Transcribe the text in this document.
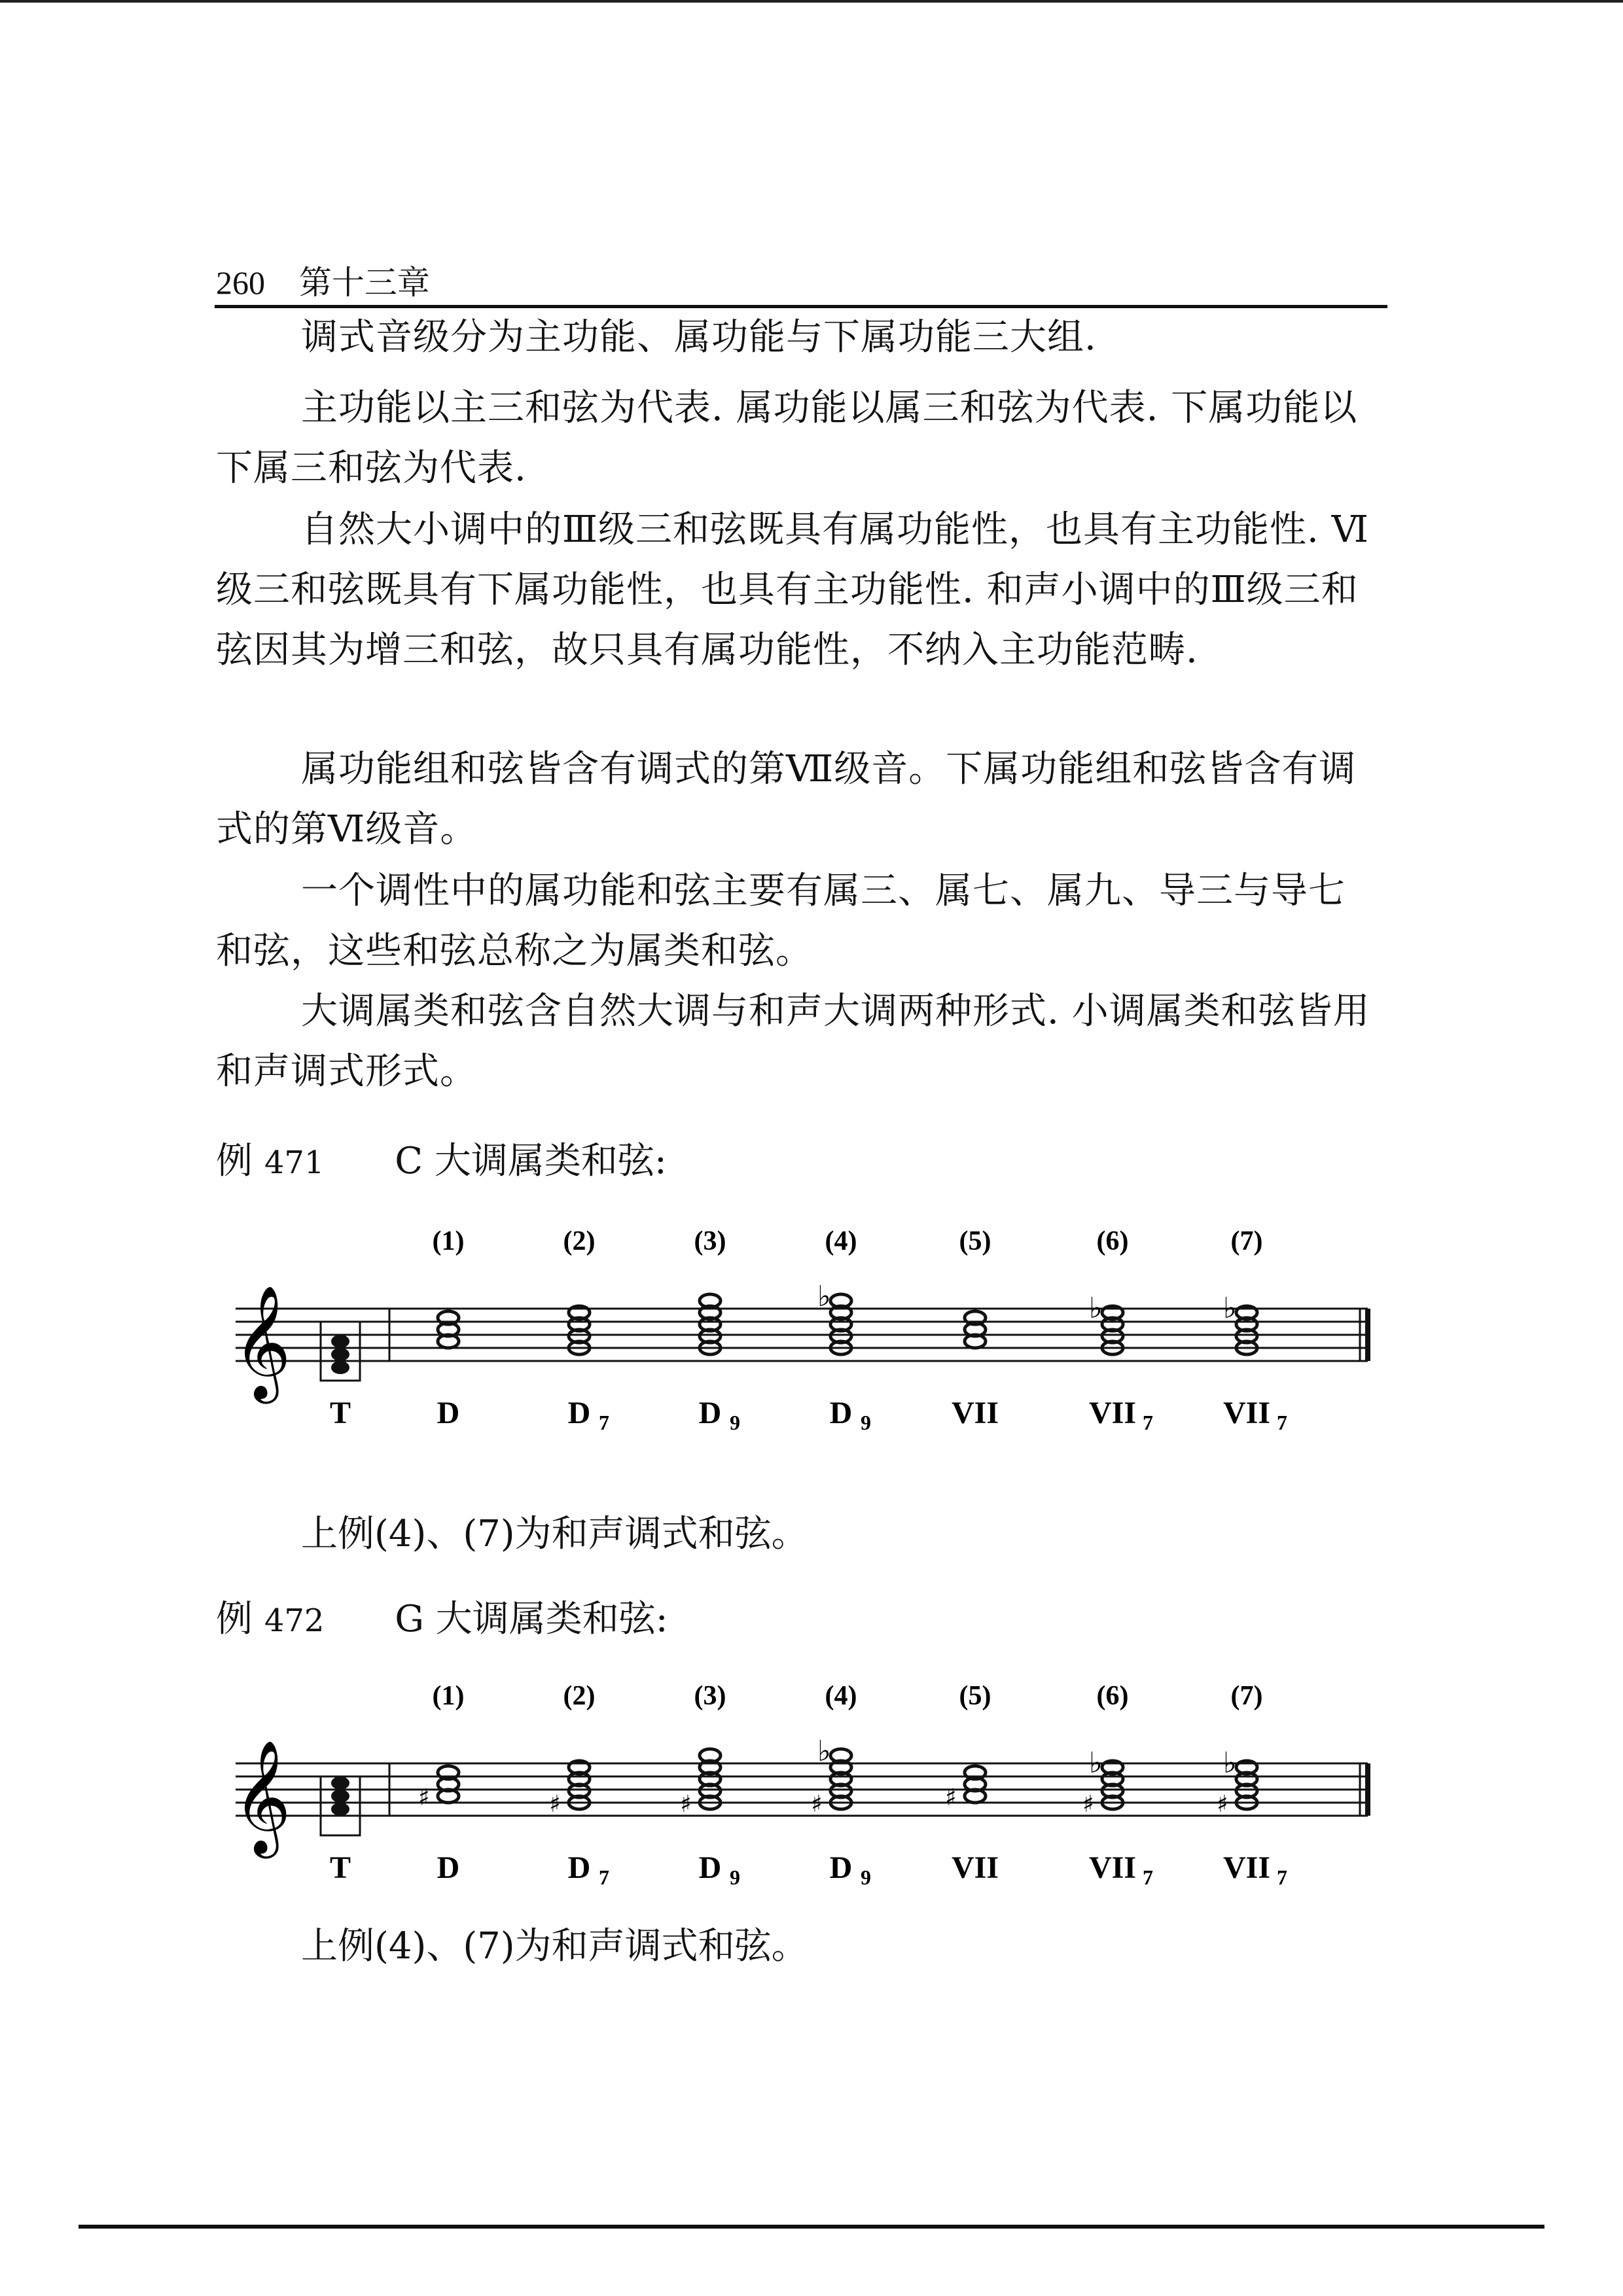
260 第十三章

调式音级分为主功能、属功能与下属功能三大组.

主功能以主三和弦为代表. 属功能以属三和弦为代表. 下属功能以下属三和弦为代表.

自然大小调中的Ⅲ级三和弦既具有属功能性，也具有主功能性. Ⅵ级三和弦既具有下属功能性，也具有主功能性. 和声小调中的Ⅲ级三和弦因其为增三和弦，故只具有属功能性，不纳入主功能范畴.

属功能组和弦皆含有调式的第Ⅶ级音。下属功能组和弦皆含有调式的第Ⅵ级音。

一个调性中的属功能和弦主要有属三、属七、属九、导三与导七和弦，这些和弦总称之为属类和弦。

大调属类和弦含自然大调与和声大调两种形式. 小调属类和弦皆用和声调式形式。

例 471 C 大调属类和弦:
𝄞
T
(1)
D
(2)
D 7
(3)
D 9
(4)
♭
D 9
(5)
VII
(6)
♭
VII 7
(7)
♭
VII 7
上例(4)、(7)为和声调式和弦。
例 472 G 大调属类和弦:
𝄞
T
(1)
♯
D
(2)
♯
D 7
(3)
♯
D 9
(4)
♭
♯
D 9
(5)
♯
VII
(6)
♭
♯
VII 7
(7)
♭
♯
VII 7
上例(4)、(7)为和声调式和弦。
